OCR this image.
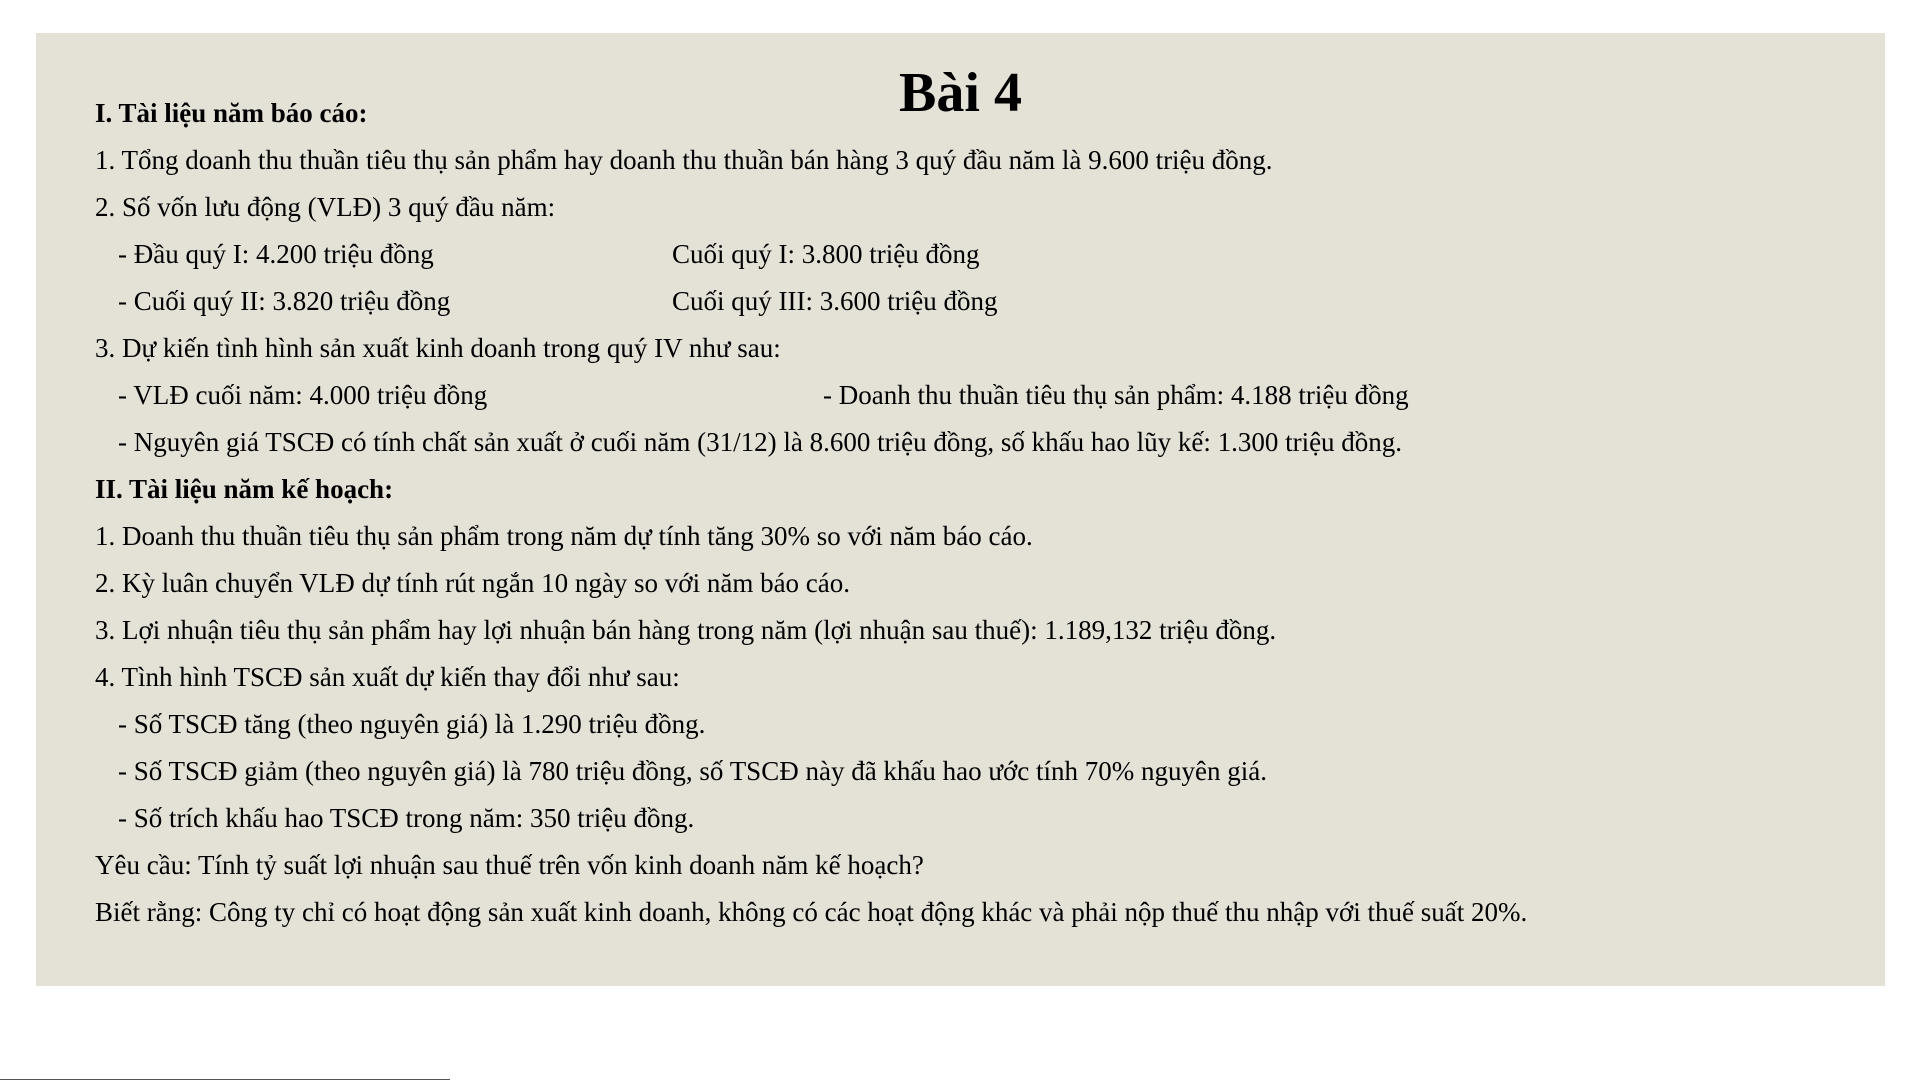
Bài 4
I. Tài liệu năm báo cáo:
1. Tổng doanh thu thuần tiêu thụ sản phẩm hay doanh thu thuần bán hàng 3 quý đầu năm là 9.600 triệu đồng.
2. Số vốn lưu động (VLĐ) 3 quý đầu năm:
- Đầu quý I: 4.200 triệu đồng	Cuối quý I: 3.800 triệu đồng
- Cuối quý II: 3.820 triệu đồng	Cuối quý III: 3.600 triệu đồng
3. Dự kiến tình hình sản xuất kinh doanh trong quý IV như sau:
- VLĐ cuối năm: 4.000 triệu đồng	- Doanh thu thuần tiêu thụ sản phẩm: 4.188 triệu đồng
- Nguyên giá TSCĐ có tính chất sản xuất ở cuối năm (31/12) là 8.600 triệu đồng, số khấu hao lũy kế: 1.300 triệu đồng.
II. Tài liệu năm kế hoạch:
1. Doanh thu thuần tiêu thụ sản phẩm trong năm dự tính tăng 30% so với năm báo cáo.
2. Kỳ luân chuyển VLĐ dự tính rút ngắn 10 ngày so với năm báo cáo.
3. Lợi nhuận tiêu thụ sản phẩm hay lợi nhuận bán hàng trong năm (lợi nhuận sau thuế): 1.189,132 triệu đồng.
4. Tình hình TSCĐ sản xuất dự kiến thay đổi như sau:
- Số TSCĐ tăng (theo nguyên giá) là 1.290 triệu đồng.
- Số TSCĐ giảm (theo nguyên giá) là 780 triệu đồng, số TSCĐ này đã khấu hao ước tính 70% nguyên giá.
- Số trích khấu hao TSCĐ trong năm: 350 triệu đồng.
Yêu cầu: Tính tỷ suất lợi nhuận sau thuế trên vốn kinh doanh năm kế hoạch?
Biết rằng: Công ty chỉ có hoạt động sản xuất kinh doanh, không có các hoạt động khác và phải nộp thuế thu nhập với thuế suất 20%.
